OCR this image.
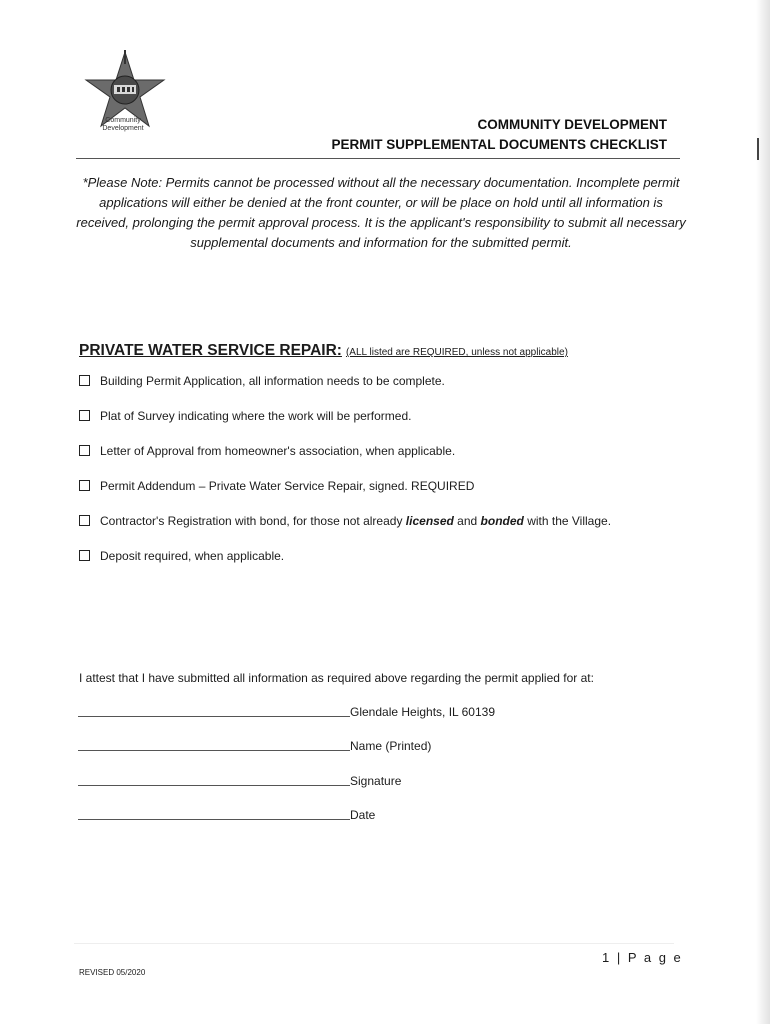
Community
Development	COMMUNITY DEVELOPMENT
PERMIT SUPPLEMENTAL DOCUMENTS CHECKLIST
*Please Note: Permits cannot be processed without all the necessary documentation. Incomplete permit applications will either be denied at the front counter, or will be place on hold until all information is received, prolonging the permit approval process. It is the applicant's responsibility to submit all necessary supplemental documents and information for the submitted permit.
PRIVATE WATER SERVICE REPAIR: (ALL listed are REQUIRED, unless not applicable)
Building Permit Application, all information needs to be complete.
Plat of Survey indicating where the work will be performed.
Letter of Approval from homeowner's association, when applicable.
Permit Addendum – Private Water Service Repair, signed. REQUIRED
Contractor's Registration with bond, for those not already licensed and bonded with the Village.
Deposit required, when applicable.
I attest that I have submitted all information as required above regarding the permit applied for at:
Glendale Heights, IL 60139
Name (Printed)
Signature
Date
1 | P a g e
REVISED 05/2020
